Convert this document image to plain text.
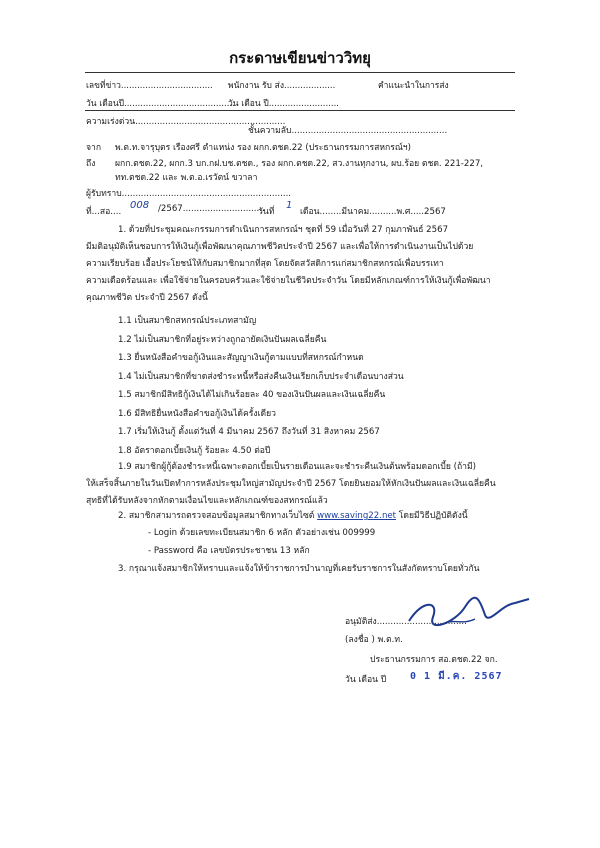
กระดาษเขียนข่าววิทยุ
เลขที่ข่าว.................................. พนักงาน รับ ส่ง...................	คำแนะนำในการส่ง
วัน เดือนปี.........................................
วัน เดือน ปี..........................
ความเร่งด่วน.......................................................
ชั้นความลับ.........................................................
จาก พ.ต.ท.จารุบุตร เรืองศรี ตำแหน่ง รอง ผกก.ตชด.22 (ประธานกรรมการสหกรณ์ฯ)
ถึง ผกก.ตชด.22, ผกก.3 บก.กฝ.บช.ตชด., รอง ผกก.ตชด.22, สว.งานทุกงาน, ผบ.ร้อย ตชด. 221-227,
ทท.ตชด.22 และ พ.ต.อ.เรวัตน์ ขวาลา
ผู้รับทราบ..............................................................
ที่...สอ....
008 /2567..............................
วันที่
1
เดือน........มีนาคม..........พ.ศ.....2567
1. ด้วยที่ประชุมคณะกรรมการดำเนินการสหกรณ์ฯ ชุดที่ 59 เมื่อวันที่ 27 กุมภาพันธ์ 2567
มีมติอนุมัติเห็นชอบการให้เงินกู้เพื่อพัฒนาคุณภาพชีวิตประจำปี 2567 และเพื่อให้การดำเนินงานเป็นไปด้วย
ความเรียบร้อย เอื้อประโยชน์ให้กับสมาชิกมากที่สุด โดยจัดสวัสดิการแก่สมาชิกสหกรณ์เพื่อบรรเทา
ความเดือดร้อนและ เพื่อใช้จ่ายในครอบครัวและใช้จ่ายในชีวิตประจำวัน โดยมีหลักเกณฑ์การให้เงินกู้เพื่อพัฒนา
คุณภาพชีวิต ประจำปี 2567 ดังนี้
1.1 เป็นสมาชิกสหกรณ์ประเภทสามัญ
1.2 ไม่เป็นสมาชิกที่อยู่ระหว่างถูกอายัดเงินปันผลเฉลี่ยคืน
1.3 ยื่นหนังสือคำขอกู้เงินและสัญญาเงินกู้ตามแบบที่สหกรณ์กำหนด
1.4 ไม่เป็นสมาชิกที่ขาดส่งชำระหนี้หรือส่งคืนเงินเรียกเก็บประจำเดือนบางส่วน
1.5 สมาชิกมีสิทธิกู้เงินได้ไม่เกินร้อยละ 40 ของเงินปันผลและเงินเฉลี่ยคืน
1.6 มีสิทธิยื่นหนังสือคำขอกู้เงินได้ครั้งเดียว
1.7 เริ่มให้เงินกู้ ตั้งแต่วันที่ 4 มีนาคม 2567 ถึงวันที่ 31 สิงหาคม 2567
1.8 อัตราดอกเบี้ยเงินกู้ ร้อยละ 4.50 ต่อปี
1.9 สมาชิกผู้กู้ต้องชำระหนี้เฉพาะดอกเบี้ยเป็นรายเดือนและจะชำระคืนเงินต้นพร้อมดอกเบี้ย (ถ้ามี)
ให้เสร็จสิ้นภายในวันเปิดทำการหลังประชุมใหญ่สามัญประจำปี 2567 โดยยินยอมให้หักเงินปันผลและเงินเฉลี่ยคืน
สุทธิที่ได้รับหลังจากหักตามเงื่อนไขและหลักเกณฑ์ของสหกรณ์แล้ว
2. สมาชิกสามารถตรวจสอบข้อมูลสมาชิกทางเว็บไซต์ www.saving22.net โดยมีวิธีปฏิบัติดังนี้
- Login ด้วยเลขทะเบียนสมาชิก 6 หลัก ตัวอย่างเช่น 009999
- Password คือ เลขบัตรประชาชน 13 หลัก
3. กรุณาแจ้งสมาชิกให้ทราบและแจ้งให้ข้าราชการบำนาญที่เคยรับราชการในสังกัดทราบโดยทั่วกัน
อนุมัติส่ง.................................
(ลงชื่อ ) พ.ต.ท.
ประธานกรรมการ สอ.ตชด.22 จก.
วัน เดือน ปี 0 1 มี.ค. 2567
